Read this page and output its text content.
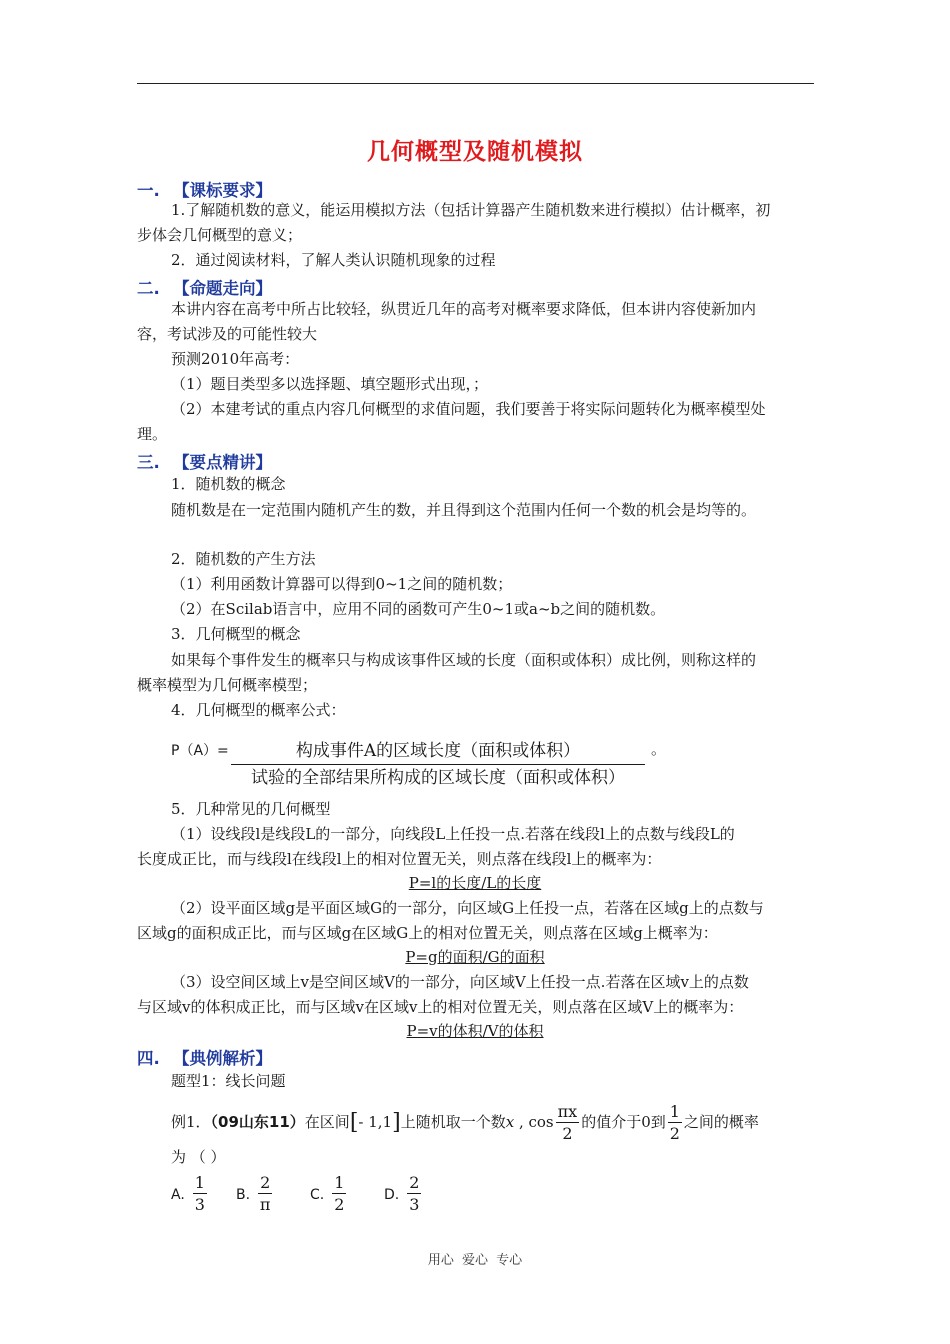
几何概型及随机模拟
一. 【课标要求】
1.了解随机数的意义，能运用模拟方法（包括计算器产生随机数来进行模拟）估计概率，初
步体会几何概型的意义；
2．通过阅读材料，了解人类认识随机现象的过程
二. 【命题走向】
本讲内容在高考中所占比较轻，纵贯近几年的高考对概率要求降低，但本讲内容使新加内
容，考试涉及的可能性较大
预测2010年高考：
（1）题目类型多以选择题、填空题形式出现，；
（2）本建考试的重点内容几何概型的求值问题，我们要善于将实际问题转化为概率模型处
理。
三. 【要点精讲】
1．随机数的概念
随机数是在一定范围内随机产生的数，并且得到这个范围内任何一个数的机会是均等的。
2．随机数的产生方法
（1）利用函数计算器可以得到0~1之间的随机数；
（2）在Scilab语言中，应用不同的函数可产生0~1或a~b之间的随机数。
3．几何概型的概念
如果每个事件发生的概率只与构成该事件区域的长度（面积或体积）成比例，则称这样的
概率模型为几何概率模型；
4．几何概型的概率公式：
P（A）=	构成事件A的区域长度（面积或体积）
试验的全部结果所构成的区域长度（面积或体积）
。
5．几种常见的几何概型
（1）设线段l是线段L的一部分，向线段L上任投一点.若落在线段l上的点数与线段L的
长度成正比，而与线段l在线段l上的相对位置无关，则点落在线段l上的概率为：
P=l的长度/L的长度
（2）设平面区域g是平面区域G的一部分，向区域G上任投一点，若落在区域g上的点数与
区域g的面积成正比，而与区域g在区域G上的相对位置无关，则点落在区域g上概率为：
P=g的面积/G的面积
（3）设空间区域上v是空间区域V的一部分，向区域V上任投一点.若落在区域v上的点数
与区域v的体积成正比，而与区域v在区域v上的相对位置无关，则点落在区域V上的概率为：
P=v的体积/V的体积
四. 【典例解析】
题型1：线长问题
例1．（09山东11）在区间[- 1,1]上随机取一个数x , $\cos \frac{\pi x}{2}$ 的值介于0到 $\frac{1}{2}$ 之间的概率
为 （ ）
A. $\frac{1}{3} B$. $\frac{2}{\pi}$	C. $\frac{1}{2}$	D. $\frac{2}{3}$
用心 爱心 专心
